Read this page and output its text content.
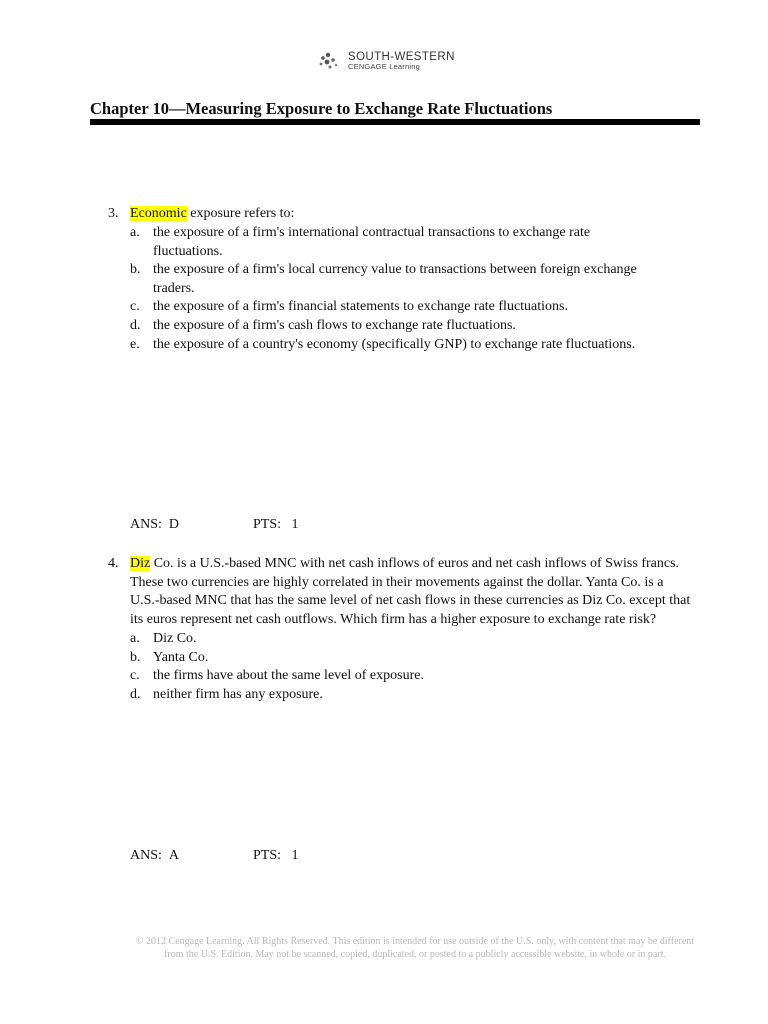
SOUTH-WESTERN
CENGAGE Learning
Chapter 10—Measuring Exposure to Exchange Rate Fluctuations
3. Economic exposure refers to:
a. the exposure of a firm's international contractual transactions to exchange rate fluctuations.
b. the exposure of a firm's local currency value to transactions between foreign exchange traders.
c. the exposure of a firm's financial statements to exchange rate fluctuations.
d. the exposure of a firm's cash flows to exchange rate fluctuations.
e. the exposure of a country's economy (specifically GNP) to exchange rate fluctuations.
ANS: D	PTS: 1
4. Diz Co. is a U.S.-based MNC with net cash inflows of euros and net cash inflows of Swiss francs. These two currencies are highly correlated in their movements against the dollar. Yanta Co. is a U.S.-based MNC that has the same level of net cash flows in these currencies as Diz Co. except that its euros represent net cash outflows. Which firm has a higher exposure to exchange rate risk?
a. Diz Co.
b. Yanta Co.
c. the firms have about the same level of exposure.
d. neither firm has any exposure.
ANS: A	PTS: 1
© 2012 Cengage Learning. All Rights Reserved. This edition is intended for use outside of the U.S. only, with content that may be different
from the U.S. Edition. May not be scanned, copied, duplicated, or posted to a publicly accessible website, in whole or in part.
